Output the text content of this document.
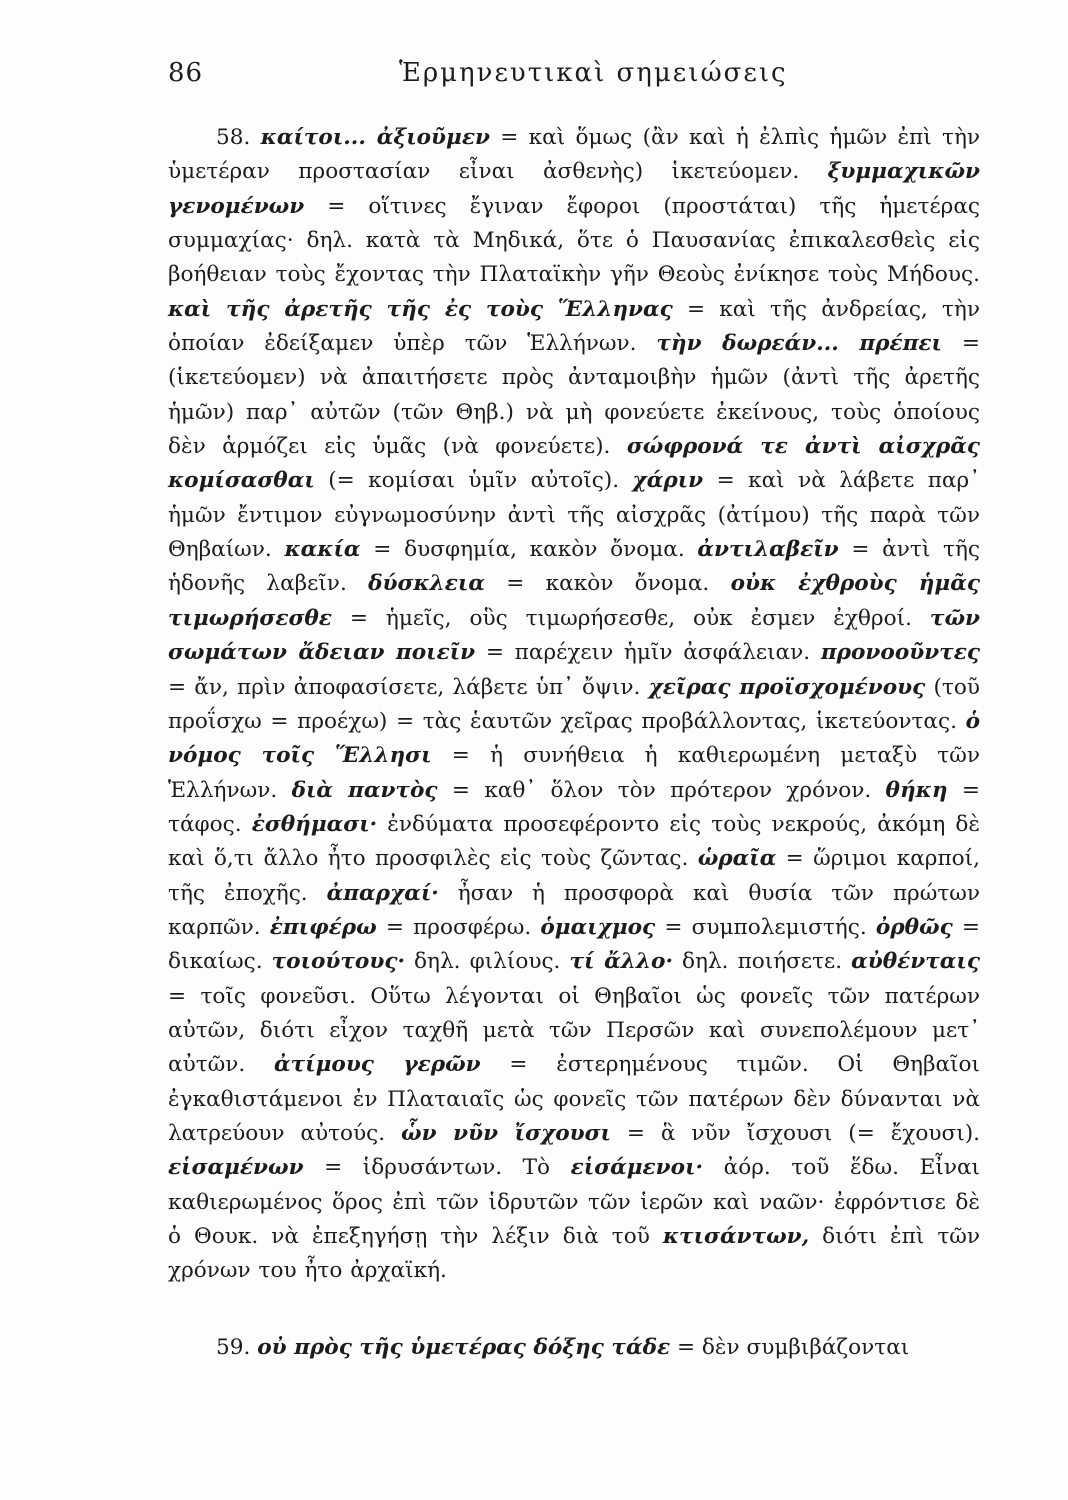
86	Ἑρμηνευτικαὶ σημειώσεις

58. καίτοι... ἀξιοῦμεν = καὶ ὅμως (ἂν καὶ ἡ ἐλπὶς ἡμῶν ἐπὶ τὴν ὑμετέραν προστασίαν εἶναι ἀσθενὴς) ἱκετεύομεν. ξυμμαχικῶν γενομένων = οἵτινες ἔγιναν ἔφοροι (προστάται) τῆς ἡμετέρας συμμαχίας· δηλ. κατὰ τὰ Μηδικά, ὅτε ὁ Παυσανίας ἐπικαλεσθεὶς εἰς βοήθειαν τοὺς ἔχοντας τὴν Πλαταϊκὴν γῆν Θεοὺς ἐνίκησε τοὺς Μήδους. καὶ τῆς ἀρετῆς τῆς ἐς τοὺς Ἕλληνας = καὶ τῆς ἀνδρείας, τὴν ὁποίαν ἐδείξαμεν ὑπὲρ τῶν Ἑλλήνων. τὴν δωρεάν... πρέπει = (ἱκετεύομεν) νὰ ἀπαιτήσετε πρὸς ἀνταμοιβὴν ἡμῶν (ἀντὶ τῆς ἀρετῆς ἡμῶν) παρ᾽ αὐτῶν (τῶν Θηβ.) νὰ μὴ φονεύετε ἐκείνους, τοὺς ὁποίους δὲν ἁρμόζει εἰς ὑμᾶς (νὰ φονεύετε). σώφρονά τε ἀντὶ αἰσχρᾶς κομίσασθαι (= κομίσαι ὑμῖν αὐτοῖς). χάριν = καὶ νὰ λάβετε παρ᾽ ἡμῶν ἔντιμον εὐγνωμοσύνην ἀντὶ τῆς αἰσχρᾶς (ἀτίμου) τῆς παρὰ τῶν Θηβαίων. κακία = δυσφημία, κακὸν ὄνομα. ἀντιλαβεῖν = ἀντὶ τῆς ἡδονῆς λαβεῖν. δύσκλεια = κακὸν ὄνομα. οὐκ ἐχθροὺς ἡμᾶς τιμωρήσεσθε = ἡμεῖς, οὓς τιμωρήσεσθε, οὐκ ἐσμεν ἐχθροί. τῶν σωμάτων ἄδειαν ποιεῖν = παρέχειν ἡμῖν ἀσφάλειαν. προνοοῦντες = ἄν, πρὶν ἀποφασίσετε, λάβετε ὑπ᾽ ὄψιν. χεῖρας προϊσχομένους (τοῦ προΐσχω = προέχω) = τὰς ἑαυτῶν χεῖρας προβάλλοντας, ἱκετεύοντας. ὁ νόμος τοῖς Ἕλλησι = ἡ συνήθεια ἡ καθιερωμένη μεταξὺ τῶν Ἑλλήνων. διὰ παντὸς = καθ᾽ ὅλον τὸν πρότερον χρόνον. θήκη = τάφος. ἐσθήμασι· ἐνδύματα προσεφέροντο εἰς τοὺς νεκρούς, ἀκόμη δὲ καὶ ὅ,τι ἄλλο ἦτο προσφιλὲς εἰς τοὺς ζῶντας. ὡραῖα = ὥριμοι καρποί, τῆς ἐποχῆς. ἀπαρχαί· ἦσαν ἡ προσφορὰ καὶ θυσία τῶν πρώτων καρπῶν. ἐπιφέρω = προσφέρω. ὁμαιχμος = συμπολεμιστής. ὀρθῶς = δικαίως. τοιούτους· δηλ. φιλίους. τί ἄλλο· δηλ. ποιήσετε. αὐθένταις = τοῖς φονεῦσι. Οὕτω λέγονται οἱ Θηβαῖοι ὡς φονεῖς τῶν πατέρων αὐτῶν, διότι εἶχον ταχθῆ μετὰ τῶν Περσῶν καὶ συνεπολέμουν μετ᾽ αὐτῶν. ἀτίμους γερῶν = ἐστερημένους τιμῶν. Οἱ Θηβαῖοι ἐγκαθιστάμενοι ἐν Πλαταιαῖς ὡς φονεῖς τῶν πατέρων δὲν δύνανται νὰ λατρεύουν αὐτούς. ὧν νῦν ἴσχουσι = ἃ νῦν ἴσχουσι (= ἔχουσι). εἱσαμένων = ἱδρυσάντων. Τὸ εἱσάμενοι· ἀόρ. τοῦ ἕδω. Εἶναι καθιερωμένος ὅρος ἐπὶ τῶν ἱδρυτῶν τῶν ἱερῶν καὶ ναῶν· ἐφρόντισε δὲ ὁ Θουκ. νὰ ἐπεξηγήσῃ τὴν λέξιν διὰ τοῦ κτισάντων, διότι ἐπὶ τῶν χρόνων του ἦτο ἀρχαϊκή.

59. οὐ πρὸς τῆς ὑμετέρας δόξης τάδε = δὲν συμβιβάζονται
